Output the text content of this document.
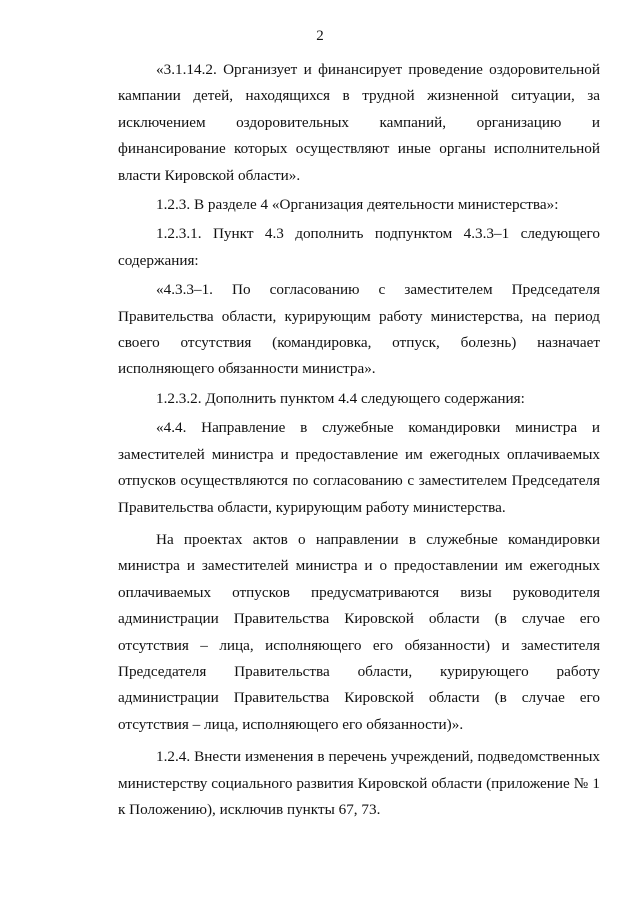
2

«3.1.14.2. Организует и финансирует проведение оздоровительной кампании детей, находящихся в трудной жизненной ситуации, за исключением оздоровительных кампаний, организацию и финансирование которых осуществляют иные органы исполнительной власти Кировской области».

1.2.3. В разделе 4 «Организация деятельности министерства»:

1.2.3.1. Пункт 4.3 дополнить подпунктом 4.3.3–1 следующего содержания:

«4.3.3–1. По согласованию с заместителем Председателя Правительства области, курирующим работу министерства, на период своего отсутствия (командировка, отпуск, болезнь) назначает исполняющего обязанности министра».

1.2.3.2. Дополнить пунктом 4.4 следующего содержания:

«4.4. Направление в служебные командировки министра и заместителей министра и предоставление им ежегодных оплачиваемых отпусков осуществляются по согласованию с заместителем Председателя Правительства области, курирующим работу министерства.

На проектах актов о направлении в служебные командировки министра и заместителей министра и о предоставлении им ежегодных оплачиваемых отпусков предусматриваются визы руководителя администрации Правительства Кировской области (в случае его отсутствия – лица, исполняющего его обязанности) и заместителя Председателя Правительства области, курирующего работу администрации Правительства Кировской области (в случае его отсутствия – лица, исполняющего его обязанности)».

1.2.4. Внести изменения в перечень учреждений, подведомственных министерству социального развития Кировской области (приложение № 1 к Положению), исключив пункты 67, 73.
